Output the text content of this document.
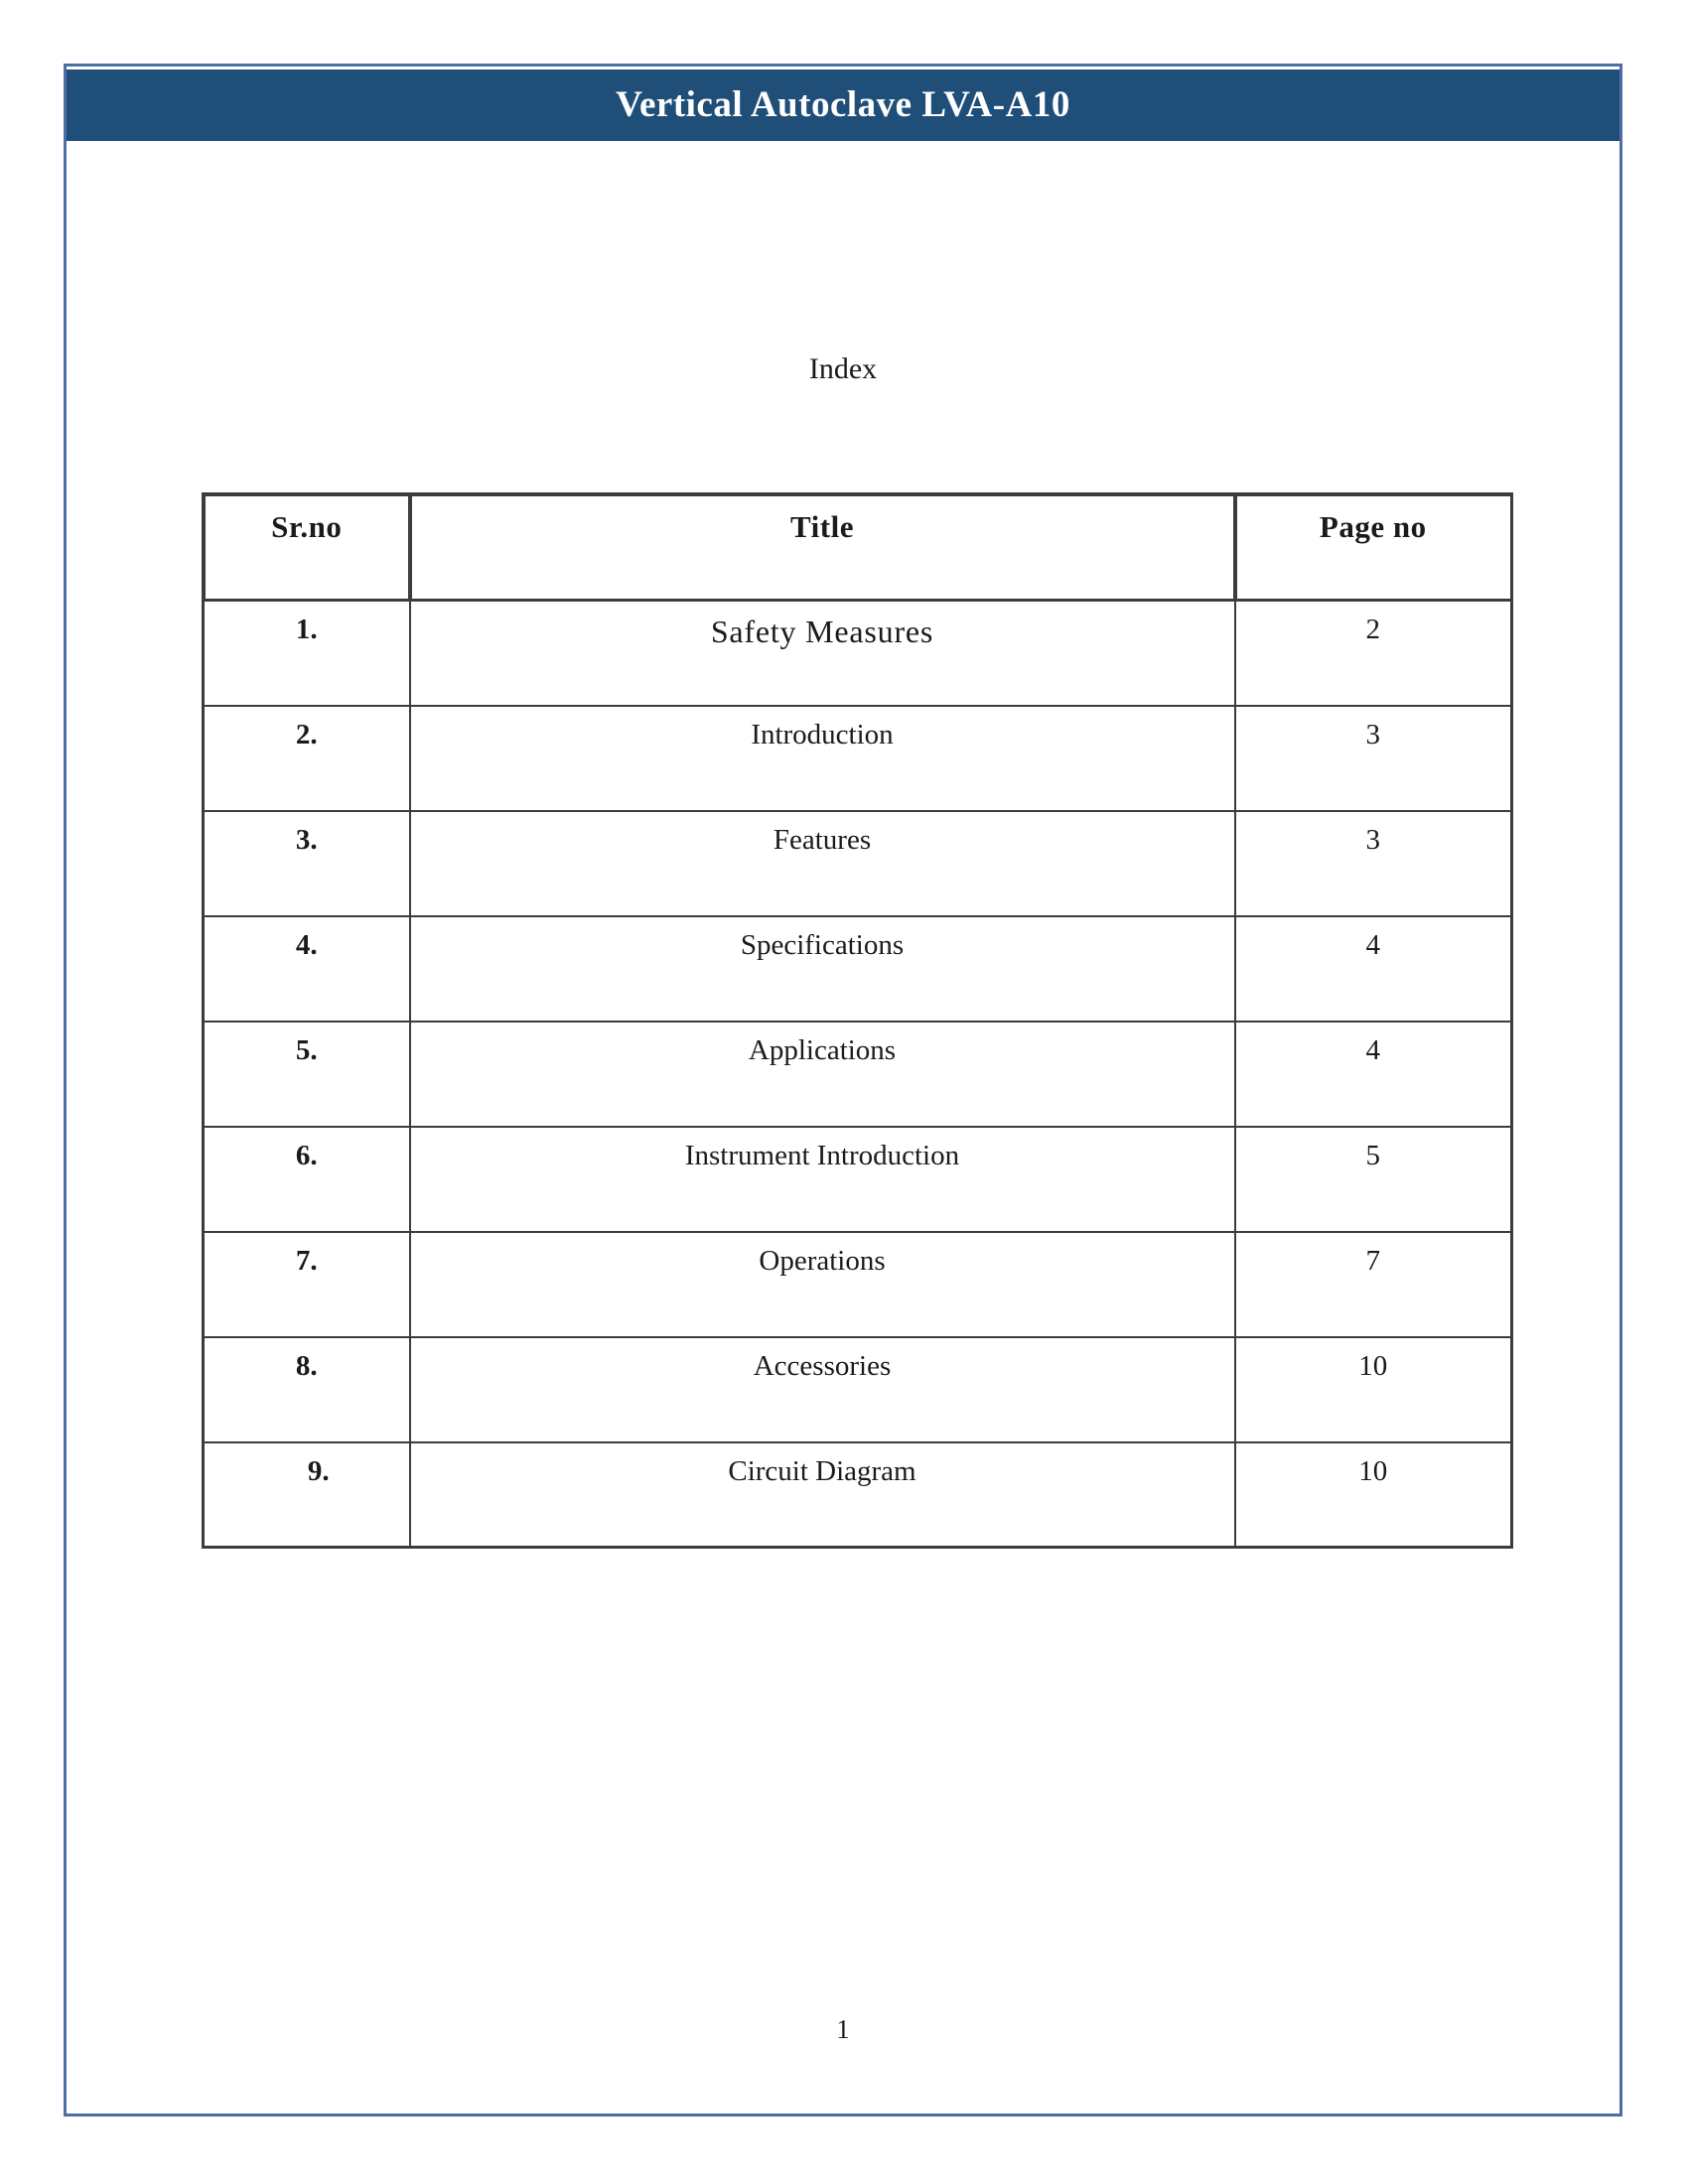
Vertical Autoclave LVA-A10
Index
Sr.no	Title	Page no
1.	Safety Measures	2
2.	Introduction	3
3.	Features	3
4.	Specifications	4
5.	Applications	4
6.	Instrument Introduction	5
7.	Operations	7
8.	Accessories	10
9.	Circuit Diagram	10
1
